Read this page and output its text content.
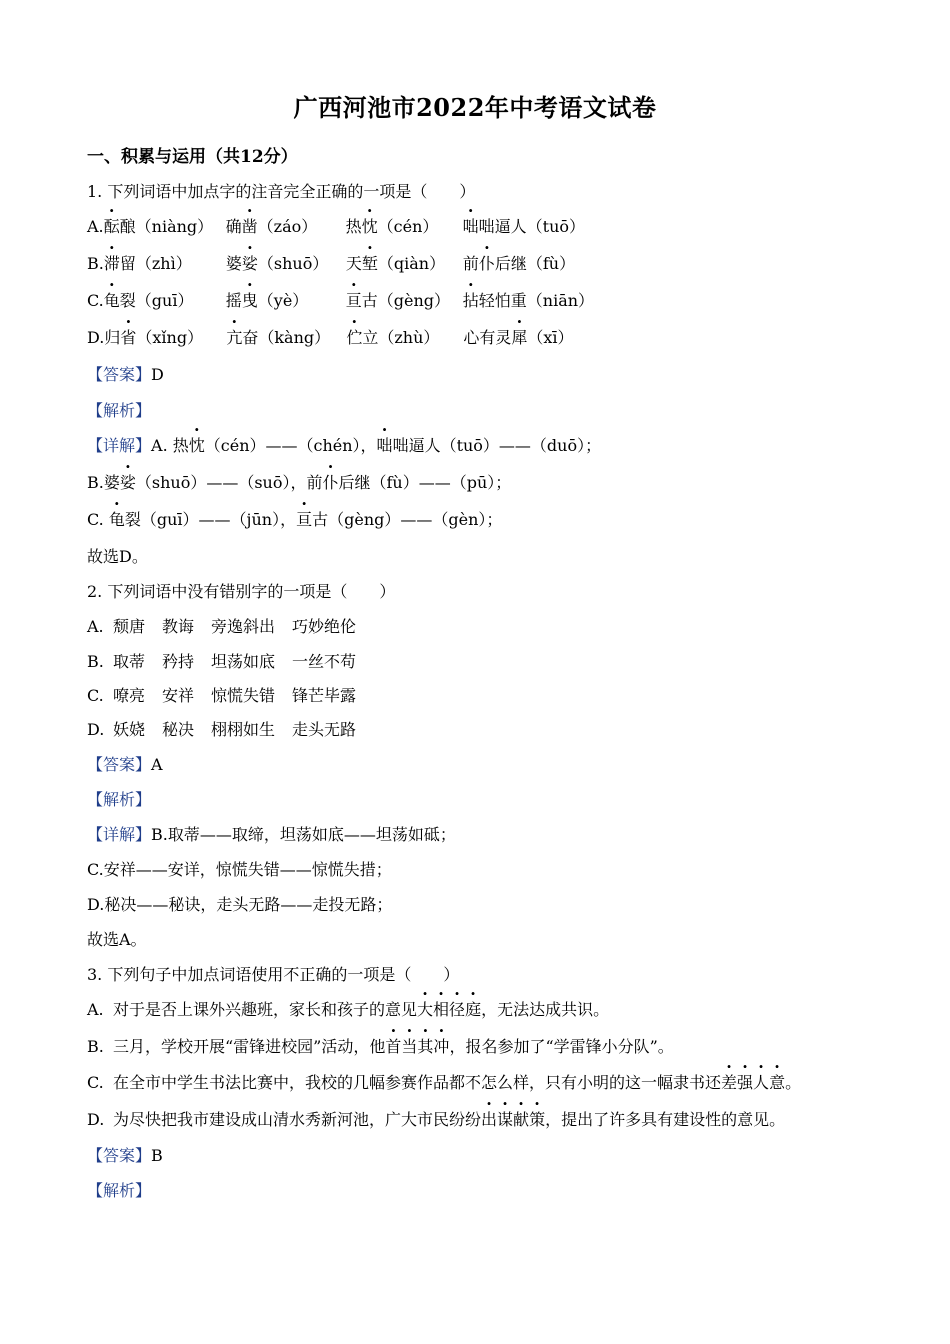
广西河池市2022年中考语文试卷
一、积累与运用（共12分）
1. 下列词语中加点字的注音完全正确的一项是（　　）
A.酝酿（niàng） 确凿（záo） 热忱（cén） 咄咄逼人（tuō）
B.滞留（zhì） 婆娑（shuō） 天堑（qiàn） 前仆后继（fù）
C.龟裂（guī） 摇曳（yè） 亘古（gèng） 拈轻怕重（niān）
D.归省（xǐng） 亢奋（kàng） 伫立（zhù） 心有灵犀（xī）
【答案】D
【解析】
【详解】A. 热忱（cén）——（chén），咄咄逼人（tuō）——（duō）；
B.婆娑（shuō）——（suō），前仆后继（fù）——（pū）；
C. 龟裂（guī）——（jūn），亘古（gèng）——（gèn）；
故选D。
2. 下列词语中没有错别字的一项是（　　）
A. 颓唐 教诲 旁逸斜出 巧妙绝伦
B. 取蒂 矜持 坦荡如底 一丝不苟
C. 嘹亮 安祥 惊慌失错 锋芒毕露
D. 妖娆 秘决 栩栩如生 走头无路
【答案】A
【解析】
【详解】B.取蒂——取缔，坦荡如底——坦荡如砥；
C.安祥——安详，惊慌失错——惊慌失措；
D.秘决——秘诀，走头无路——走投无路；
故选A。
3. 下列句子中加点词语使用不正确的一项是（　　）
A. 对于是否上课外兴趣班，家长和孩子的意见大相径庭，无法达成共识。
B. 三月，学校开展“雷锋进校园”活动，他首当其冲，报名参加了“学雷锋小分队”。
C. 在全市中学生书法比赛中，我校的几幅参赛作品都不怎么样，只有小明的这一幅隶书还差强人意。
D. 为尽快把我市建设成山清水秀新河池，广大市民纷纷出谋献策，提出了许多具有建设性的意见。
【答案】B
【解析】
